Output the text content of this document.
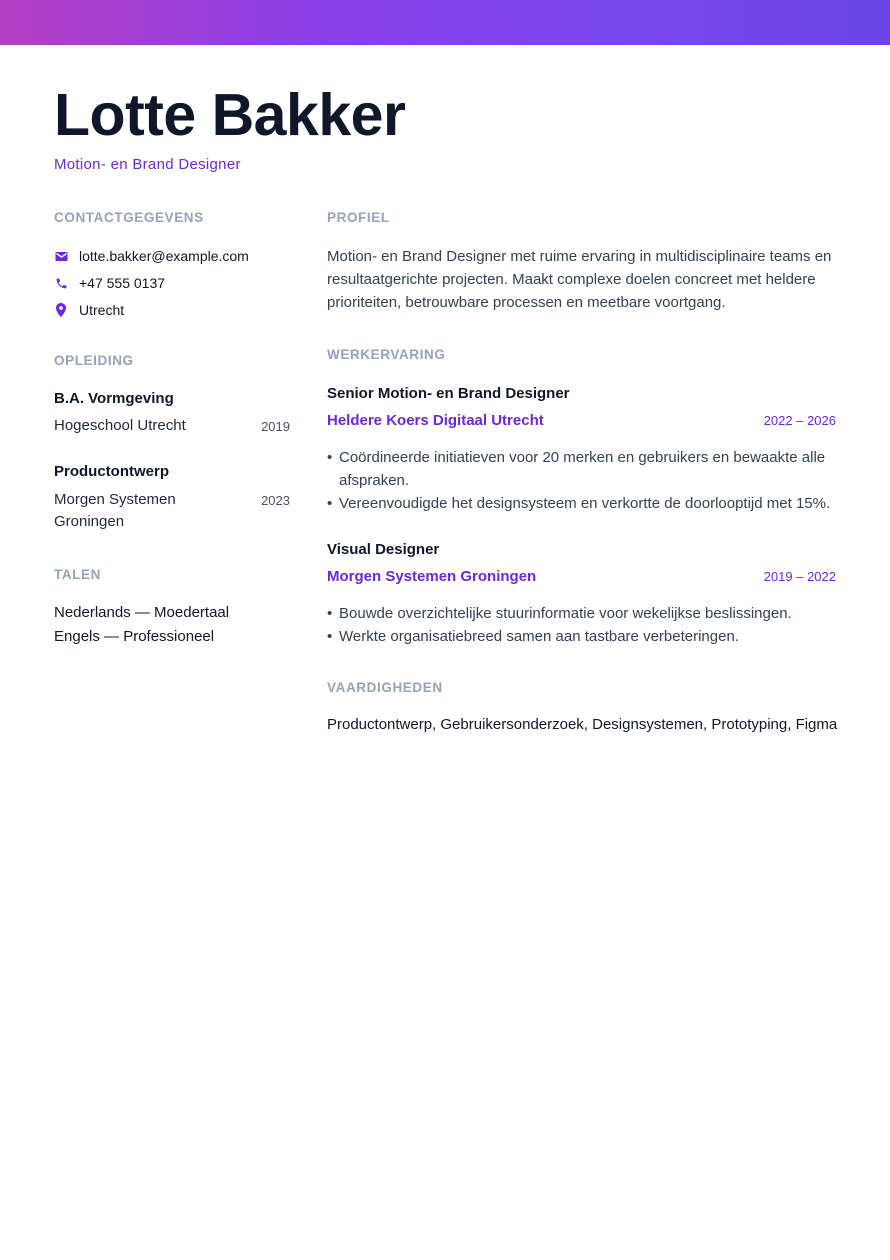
Lotte Bakker
Motion- en Brand Designer
CONTACTGEGEVENS
lotte.bakker@example.com
+47 555 0137
Utrecht
OPLEIDING
B.A. Vormgeving
Hogeschool Utrecht	2019
Productontwerp
Morgen Systemen Groningen
2023
TALEN
Nederlands — Moedertaal
Engels — Professioneel
PROFIEL

Motion- en Brand Designer met ruime ervaring in multidisciplinaire teams en resultaatgerichte projecten. Maakt complexe doelen concreet met heldere prioriteiten, betrouwbare processen en meetbare voortgang.

WERKERVARING
Senior Motion- en Brand Designer
Heldere Koers Digitaal Utrecht	2022 – 2026
• Coördineerde initiatieven voor 20 merken en gebruikers en bewaakte alle afspraken.
• Vereenvoudigde het designsysteem en verkortte de doorlooptijd met 15%.
Visual Designer
Morgen Systemen Groningen	2019 – 2022
• Bouwde overzichtelijke stuurinformatie voor wekelijkse beslissingen.
• Werkte organisatiebreed samen aan tastbare verbeteringen.
VAARDIGHEDEN
Productontwerp, Gebruikersonderzoek, Designsystemen, Prototyping, Figma
